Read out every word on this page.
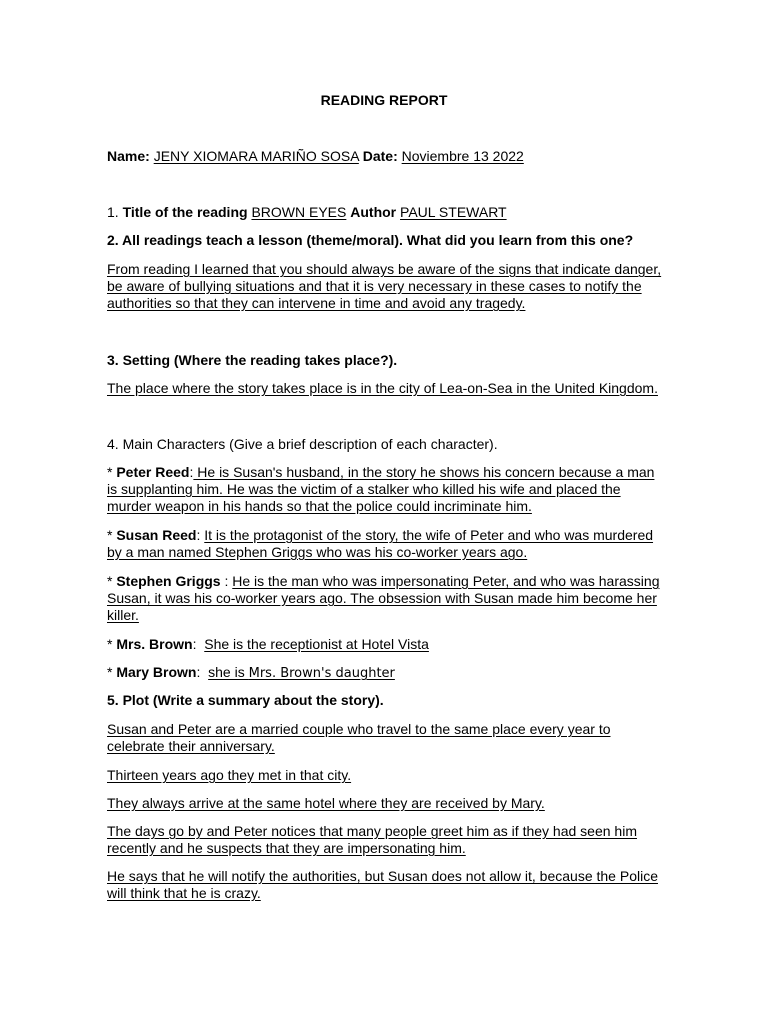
READING REPORT

Name: JENY XIOMARA MARIÑO SOSA Date: Noviembre 13 2022

1. Title of the reading BROWN EYES Author PAUL STEWART

2. All readings teach a lesson (theme/moral). What did you learn from this one?

From reading I learned that you should always be aware of the signs that indicate danger, be aware of bullying situations and that it is very necessary in these cases to notify the authorities so that they can intervene in time and avoid any tragedy.

3. Setting (Where the reading takes place?).

The place where the story takes place is in the city of Lea-on-Sea in the United Kingdom.

4. Main Characters (Give a brief description of each character).

* Peter Reed: He is Susan's husband, in the story he shows his concern because a man is supplanting him. He was the victim of a stalker who killed his wife and placed the murder weapon in his hands so that the police could incriminate him.

* Susan Reed: It is the protagonist of the story, the wife of Peter and who was murdered by a man named Stephen Griggs who was his co-worker years ago.

* Stephen Griggs : He is the man who was impersonating Peter, and who was harassing Susan, it was his co-worker years ago. The obsession with Susan made him become her killer.

* Mrs. Brown: She is the receptionist at Hotel Vista

* Mary Brown: she is Mrs. Brown's daughter

5. Plot (Write a summary about the story).

Susan and Peter are a married couple who travel to the same place every year to celebrate their anniversary.

Thirteen years ago they met in that city.

They always arrive at the same hotel where they are received by Mary.

The days go by and Peter notices that many people greet him as if they had seen him recently and he suspects that they are impersonating him.

He says that he will notify the authorities, but Susan does not allow it, because the Police will think that he is crazy.
